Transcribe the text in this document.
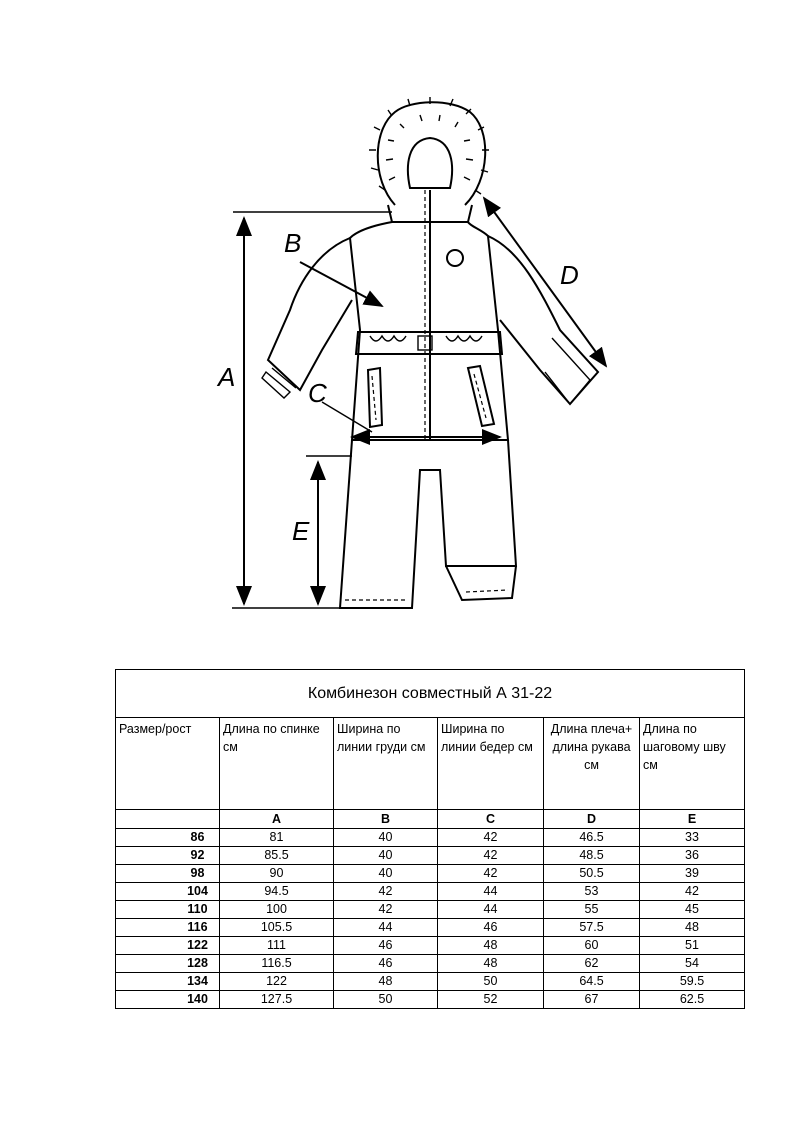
A
B
C
D
E
Комбинезон совместный А 31-22					
Размер/рост	Длина по спинке см	Ширина по линии груди см	Ширина по линии бедер см	Длина плеча+ длина рукава см	Длина по шаговому шву см
	A	B	C	D	E
86	81	40	42	46.5	33
92	85.5	40	42	48.5	36
98	90	40	42	50.5	39
104	94.5	42	44	53	42
110	100	42	44	55	45
116	105.5	44	46	57.5	48
122	111	46	48	60	51
128	116.5	46	48	62	54
134	122	48	50	64.5	59.5
140	127.5	50	52	67	62.5
